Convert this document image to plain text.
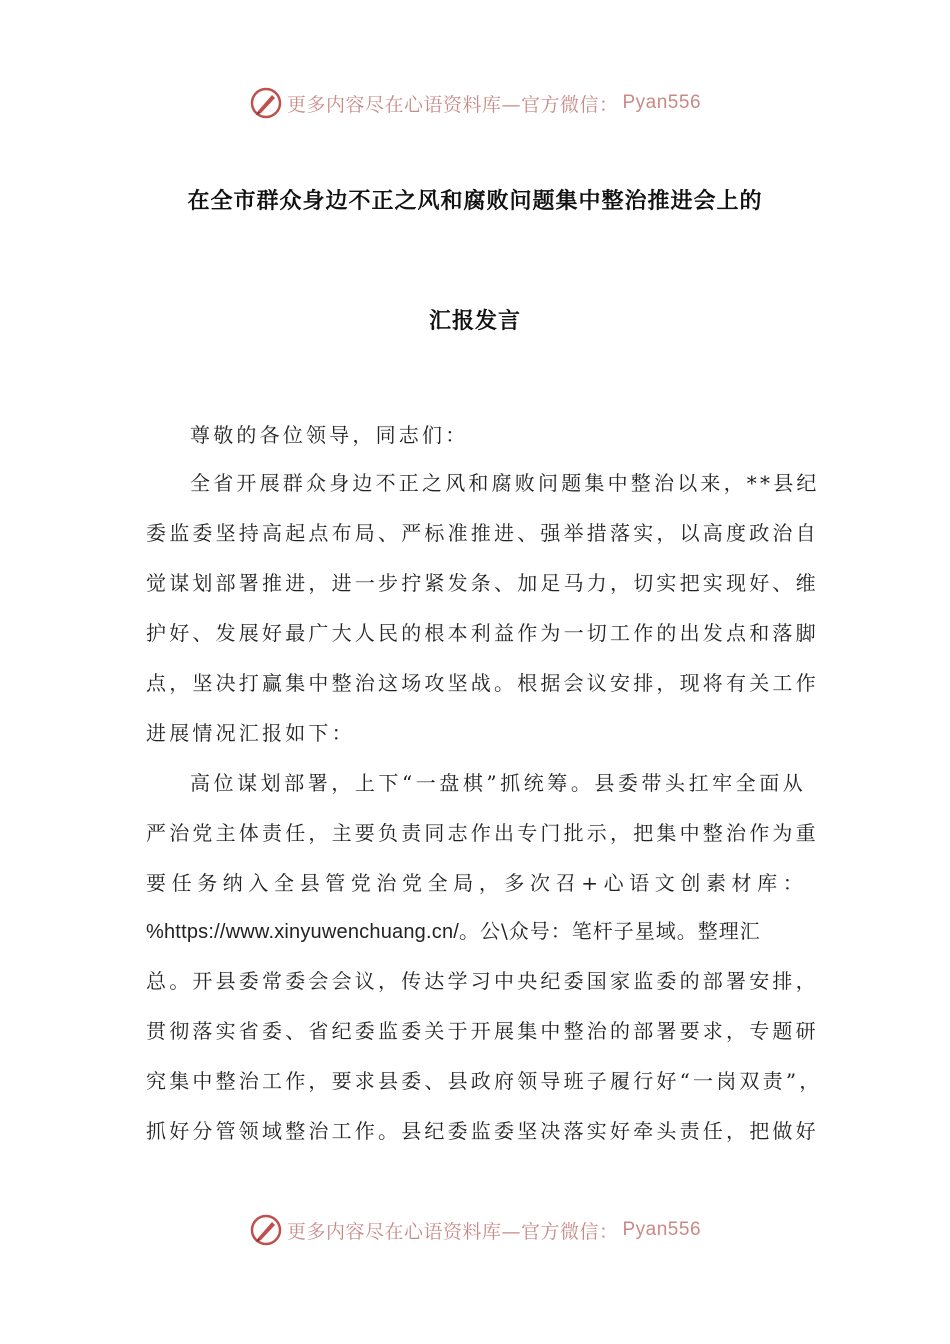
更多内容尽在心语资料库—官方微信： Pyan556
在全市群众身边不正之风和腐败问题集中整治推进会上的
汇报发言
尊敬的各位领导，同志们：
全省开展群众身边不正之风和腐败问题集中整治以来，**县纪
委监委坚持高起点布局、严标准推进、强举措落实，以高度政治自
觉谋划部署推进，进一步拧紧发条、加足马力，切实把实现好、维
护好、发展好最广大人民的根本利益作为一切工作的出发点和落脚
点，坚决打赢集中整治这场攻坚战。根据会议安排，现将有关工作
进展情况汇报如下：
高位谋划部署，上下“一盘棋”抓统筹。县委带头扛牢全面从
严治党主体责任，主要负责同志作出专门批示，把集中整治作为重
要任务纳入全县管党治党全局，多次召+心语文创素材库：
%https://www.xinyuwenchuang.cn/。公\众号：笔杆子星域。整理汇
总。开县委常委会会议，传达学习中央纪委国家监委的部署安排，
贯彻落实省委、省纪委监委关于开展集中整治的部署要求，专题研
究集中整治工作，要求县委、县政府领导班子履行好“一岗双责”，
抓好分管领域整治工作。县纪委监委坚决落实好牵头责任，把做好
更多内容尽在心语资料库—官方微信： Pyan556
